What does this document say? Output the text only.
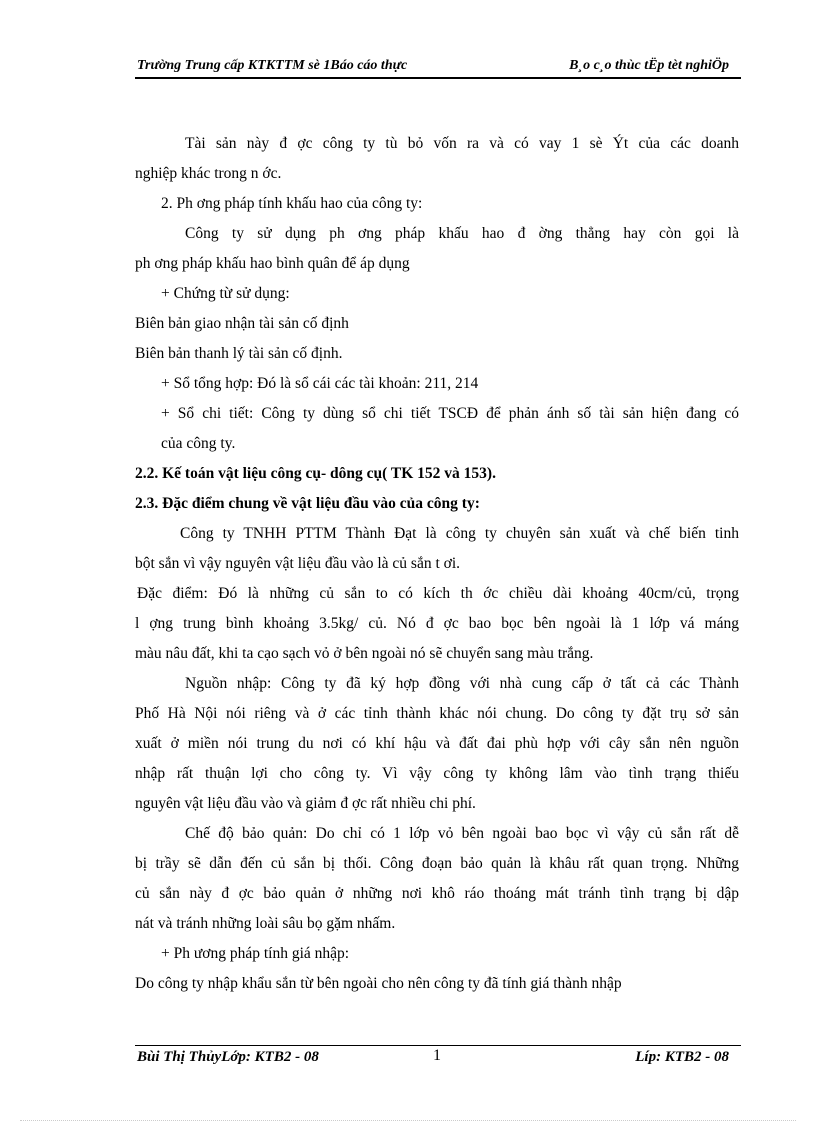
Trường Trung cấp KTKTTM sè 1Báo cáo thực	B¸o c¸o thùc tËp tèt nghiÖp
Tài sản này đ ợc công ty tù bỏ vốn ra và có vay 1 sè Ýt của các doanh
nghiệp khác trong n ớc.
2. Ph ơng pháp tính khấu hao của công ty:
Công ty sử dụng ph ơng pháp khấu hao đ ờng thẳng hay còn gọi là
ph ơng pháp khấu hao bình quân để áp dụng
+ Chứng từ sử dụng:
Biên bản giao nhận tài sản cố định
Biên bản thanh lý tài sản cố định.
+ Sổ tổng hợp: Đó là sổ cái các tài khoản: 211, 214
+ Sổ chi tiết: Công ty dùng sổ chi tiết TSCĐ để phản ánh số tài sản hiện đang có
của công ty.
2.2. Kế toán vật liệu công cụ- dông cụ( TK 152 và 153).
2.3. Đặc điểm chung về vật liệu đầu vào của công ty:
Công ty TNHH PTTM Thành Đạt là công ty chuyên sản xuất và chế biến tinh
bột sắn vì vậy nguyên vật liệu đầu vào là củ sắn t ơi.
Đặc điểm: Đó là những củ sắn to có kích th ớc chiều dài khoảng 40cm/củ, trọng
l ợng trung bình khoảng 3.5kg/ củ. Nó đ ợc bao bọc bên ngoài là 1 lớp vá máng
màu nâu đất, khi ta cạo sạch vỏ ở bên ngoài nó sẽ chuyển sang màu trắng.
Nguồn nhập: Công ty đã ký hợp đồng với nhà cung cấp ở tất cả các Thành
Phố Hà Nội nói riêng và ở các tỉnh thành khác nói chung. Do công ty đặt trụ sở sản
xuất ở miền nói trung du nơi có khí hậu và đất đai phù hợp với cây sắn nên nguồn
nhập rất thuận lợi cho công ty. Vì vậy công ty không lâm vào tình trạng thiếu
nguyên vật liệu đầu vào và giảm đ ợc rất nhiều chi phí.
Chế độ bảo quản: Do chỉ có 1 lớp vỏ bên ngoài bao bọc vì vậy củ sắn rất dễ
bị trầy sẽ dẫn đến củ sắn bị thối. Công đoạn bảo quản là khâu rất quan trọng. Những
củ sắn này đ ợc bảo quản ở những nơi khô ráo thoáng mát tránh tình trạng bị dập
nát và tránh những loài sâu bọ gặm nhấm.
+ Ph ương pháp tính giá nhập:
Do công ty nhập khẩu sắn từ bên ngoài cho nên công ty đã tính giá thành nhập
Bùi Thị ThủyLớp: KTB2 - 08	1	Líp: KTB2 - 08
